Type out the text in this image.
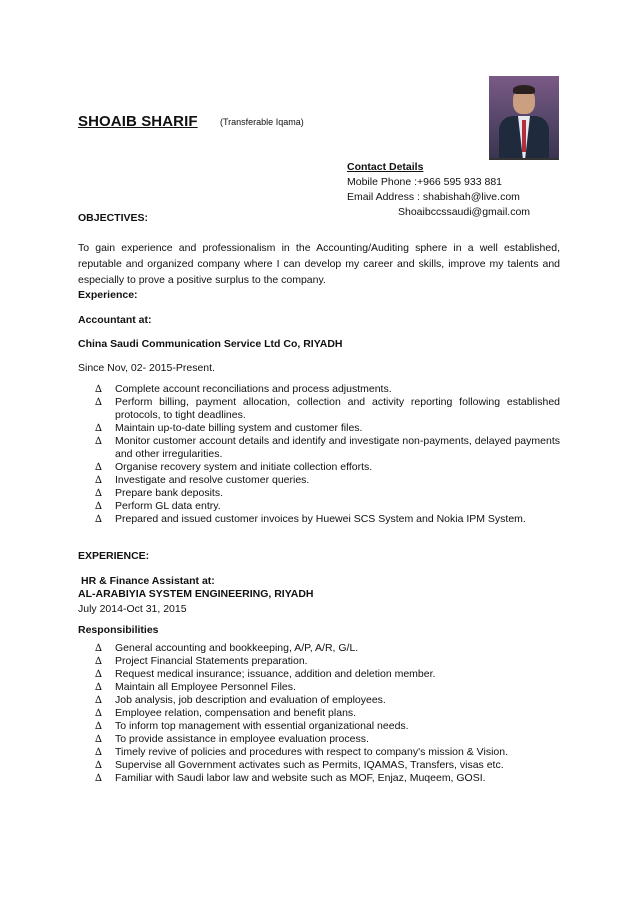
SHOAIB SHARIF (Transferable Iqama)
Contact Details
Mobile Phone :+966 595 933 881
Email Address : shabishah@live.com
Shoaibccssaudi@gmail.com
OBJECTIVES:
To gain experience and professionalism in the Accounting/Auditing sphere in a well established, reputable and organized company where I can develop my career and skills, improve my talents and especially to prove a positive surplus to the company.
Experience:
Accountant at:
China Saudi Communication Service Ltd Co, RIYADH
Since Nov, 02- 2015-Present.
∆ Complete account reconciliations and process adjustments.
∆ Perform billing, payment allocation, collection and activity reporting following established protocols, to tight deadlines.
∆ Maintain up-to-date billing system and customer files.
∆ Monitor customer account details and identify and investigate non-payments, delayed payments and other irregularities.
∆ Organise recovery system and initiate collection efforts.
∆ Investigate and resolve customer queries.
∆ Prepare bank deposits.
∆ Perform GL data entry.
∆ Prepared and issued customer invoices by Huewei SCS System and Nokia IPM System.
EXPERIENCE:
HR & Finance Assistant at:
AL-ARABIYIA SYSTEM ENGINEERING, RIYADH
July 2014-Oct 31, 2015
Responsibilities
∆ General accounting and bookkeeping, A/P, A/R, G/L.
∆ Project Financial Statements preparation.
∆ Request medical insurance; issuance, addition and deletion member.
∆ Maintain all Employee Personnel Files.
∆ Job analysis, job description and evaluation of employees.
∆ Employee relation, compensation and benefit plans.
∆ To inform top management with essential organizational needs.
∆ To provide assistance in employee evaluation process.
∆ Timely revive of policies and procedures with respect to company's mission & Vision.
∆ Supervise all Government activates such as Permits, IQAMAS, Transfers, visas etc.
∆ Familiar with Saudi labor law and website such as MOF, Enjaz, Muqeem, GOSI.
